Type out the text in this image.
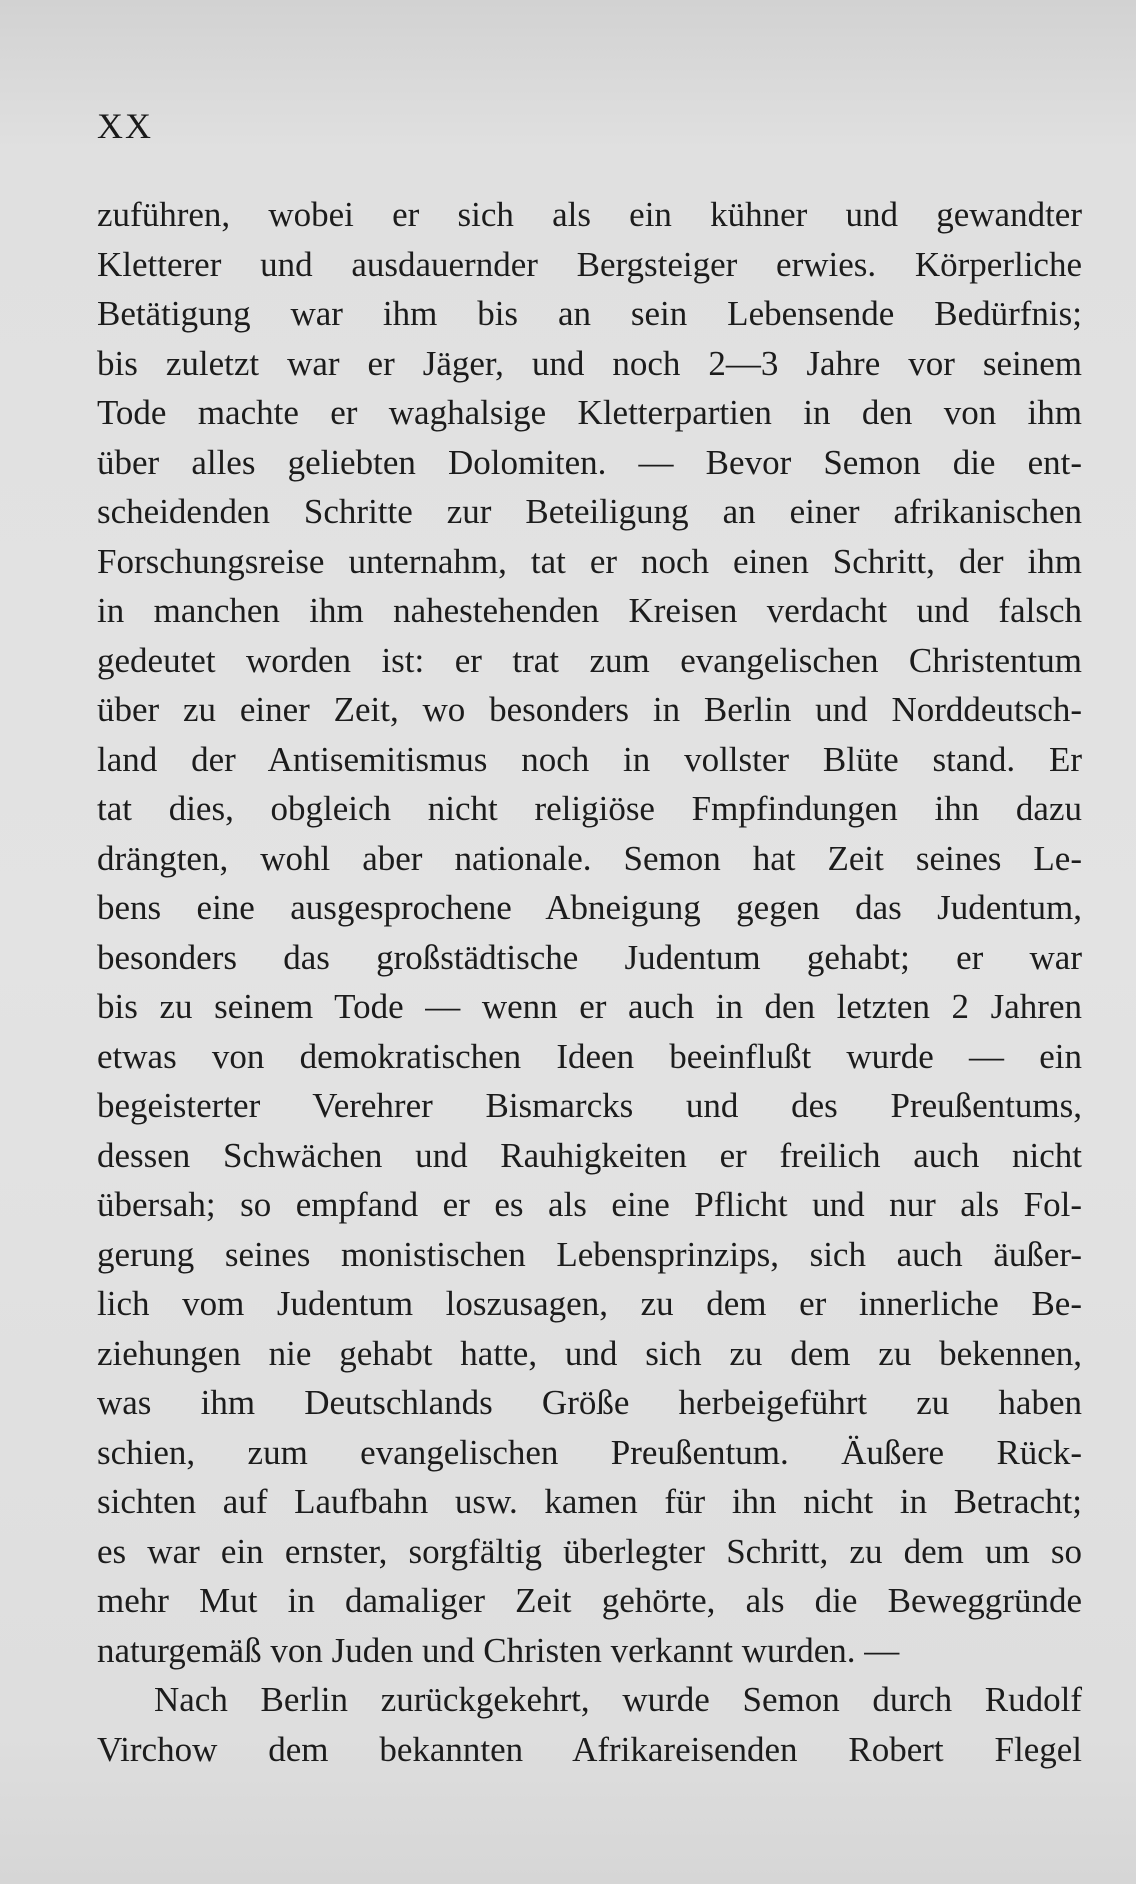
XX
zuführen, wobei er sich als ein kühner und gewandter
Kletterer und ausdauernder Bergsteiger erwies. Körperliche
Betätigung war ihm bis an sein Lebensende Bedürfnis;
bis zuletzt war er Jäger, und noch 2—3 Jahre vor seinem
Tode machte er waghalsige Kletterpartien in den von ihm
über alles geliebten Dolomiten. — Bevor Semon die ent-
scheidenden Schritte zur Beteiligung an einer afrikanischen
Forschungsreise unternahm, tat er noch einen Schritt, der ihm
in manchen ihm nahestehenden Kreisen verdacht und falsch
gedeutet worden ist: er trat zum evangelischen Christentum
über zu einer Zeit, wo besonders in Berlin und Norddeutsch-
land der Antisemitismus noch in vollster Blüte stand. Er
tat dies, obgleich nicht religiöse Fmpfindungen ihn dazu
drängten, wohl aber nationale. Semon hat Zeit seines Le-
bens eine ausgesprochene Abneigung gegen das Judentum,
besonders das großstädtische Judentum gehabt; er war
bis zu seinem Tode — wenn er auch in den letzten 2 Jahren
etwas von demokratischen Ideen beeinflußt wurde — ein
begeisterter Verehrer Bismarcks und des Preußentums,
dessen Schwächen und Rauhigkeiten er freilich auch nicht
übersah; so empfand er es als eine Pflicht und nur als Fol-
gerung seines monistischen Lebensprinzips, sich auch äußer-
lich vom Judentum loszusagen, zu dem er innerliche Be-
ziehungen nie gehabt hatte, und sich zu dem zu bekennen,
was ihm Deutschlands Größe herbeigeführt zu haben
schien, zum evangelischen Preußentum. Äußere Rück-
sichten auf Laufbahn usw. kamen für ihn nicht in Betracht;
es war ein ernster, sorgfältig überlegter Schritt, zu dem um so
mehr Mut in damaliger Zeit gehörte, als die Beweggründe
naturgemäß von Juden und Christen verkannt wurden. —
Nach Berlin zurückgekehrt, wurde Semon durch Rudolf
Virchow dem bekannten Afrikareisenden Robert Flegel
